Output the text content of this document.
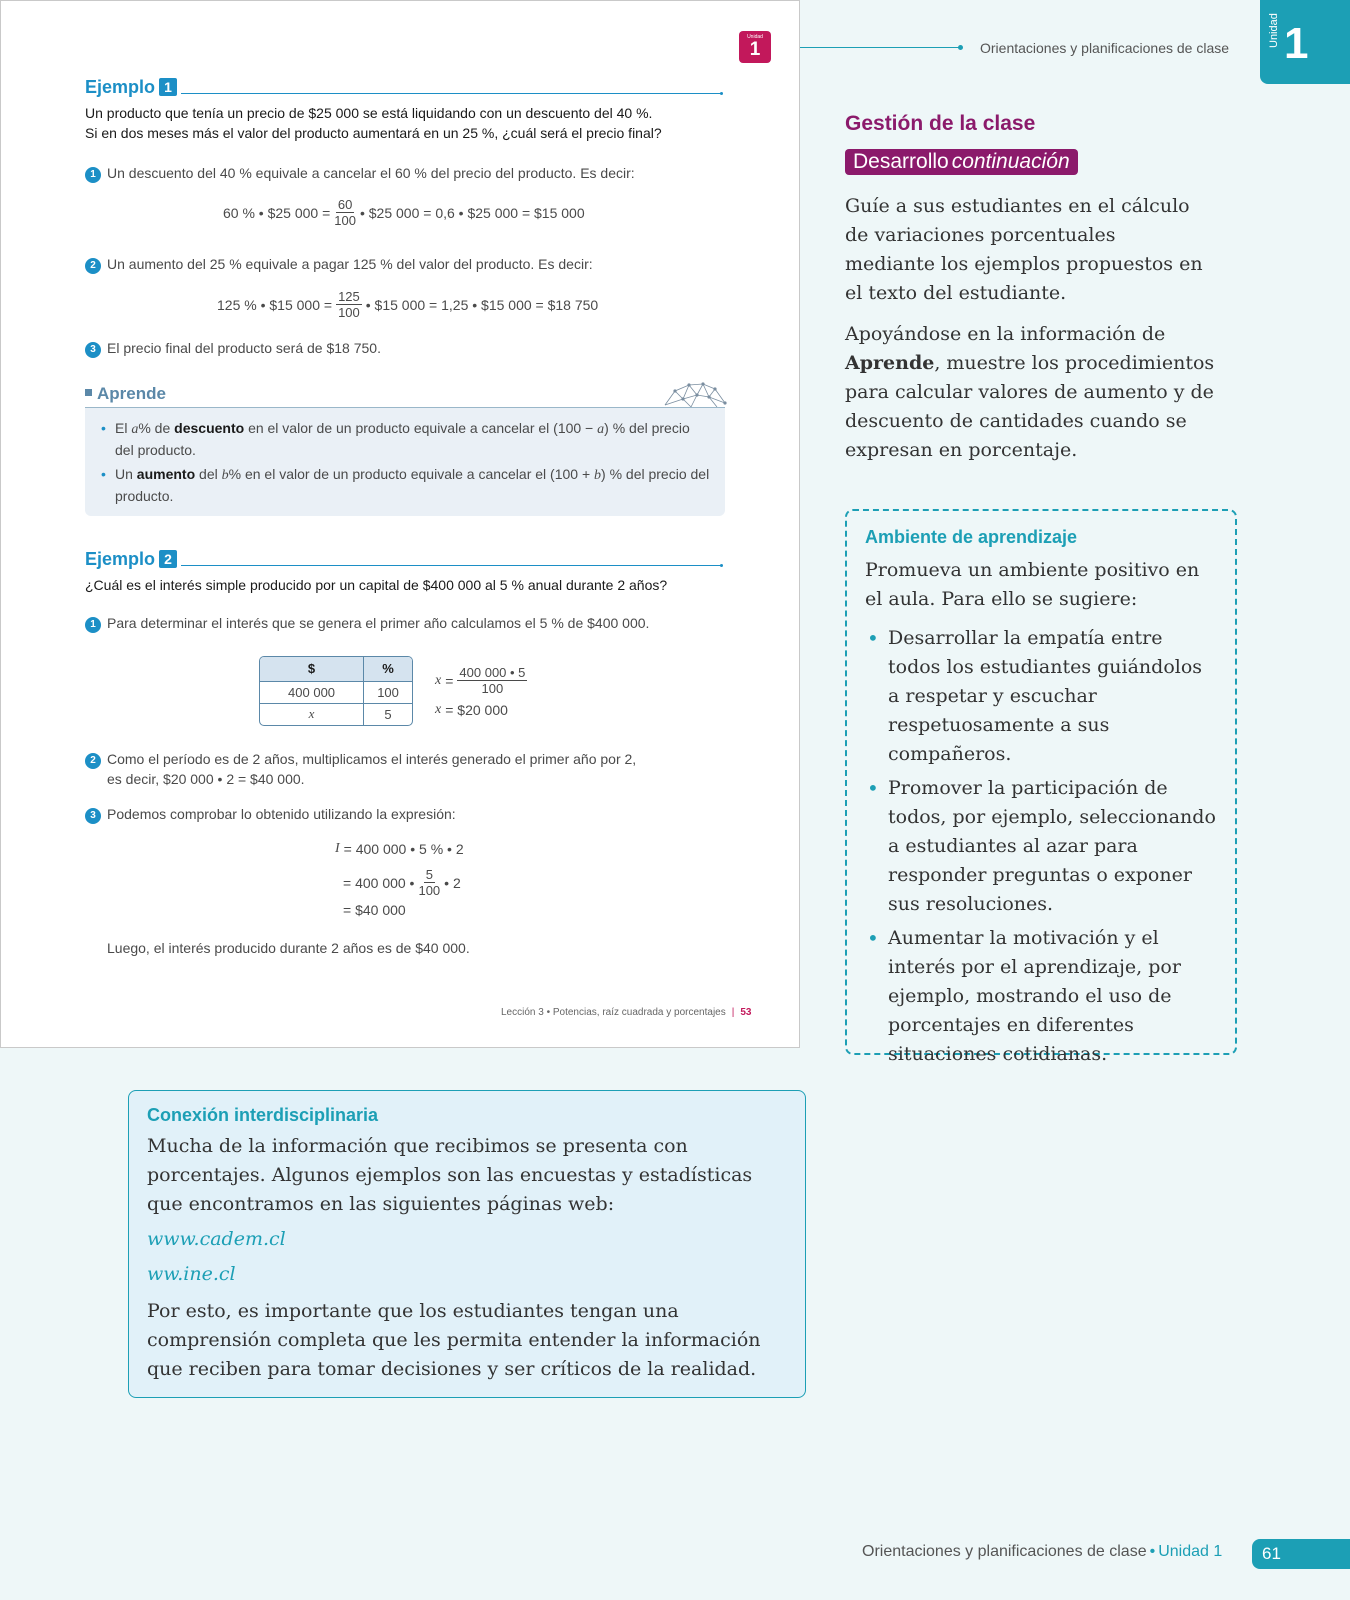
Unidad
1
Ejemplo 1
Un producto que tenía un precio de $25 000 se está liquidando con un descuento del 40 %.
Si en dos meses más el valor del producto aumentará en un 25 %, ¿cuál será el precio final?
1 Un descuento del 40 % equivale a cancelar el 60 % del precio del producto. Es decir:
60 % • $25 $000 = \frac{60}{100}$ • $25 000 = 0,6 • $25 000 = $15 000
2 Un aumento del 25 % equivale a pagar 125 % del valor del producto. Es decir:
125 % • $15 $000 = \frac{125}{100}$ • $15 000 = 1,25 • $15 000 = $18 750
3 El precio final del producto será de $18 750.
Aprende
• El a% de descuento en el valor de un producto equivale a cancelar el (100 − a) % del precio del producto.
• Un aumento del b% en el valor de un producto equivale a cancelar el (100 + b) % del precio del producto.
Ejemplo 2
¿Cuál es el interés simple producido por un capital de $400 000 al 5 % anual durante 2 años?
1 Para determinar el interés que se genera el primer año calculamos el 5 % de $400 000.
$	%
400 000	100
x	5
$x = \frac{400 000 • 5}{100}$
x = $20 000
2 Como el período es de 2 años, multiplicamos el interés generado el primer año por 2,
es decir, $20 000 • 2 = $40 000.
3 Podemos comprobar lo obtenido utilizando la expresión:
I = 400 000 • 5 % • 2
= 400 000 • $\frac{5}{100}$ • 2
= $40 000
Luego, el interés producido durante 2 años es de $40 000.
Lección 3 • Potencias, raíz cuadrada y porcentajes | 53
Orientaciones y planificaciones de clase	Unidad 1
Gestión de la clase
Desarrollo continuación
Guíe a sus estudiantes en el cálculo de variaciones porcentuales mediante los ejemplos propuestos en el texto del estudiante.
Apoyándose en la información de Aprende, muestre los procedimientos para calcular valores de aumento y de descuento de cantidades cuando se expresan en porcentaje.
Ambiente de aprendizaje
Promueva un ambiente positivo en el aula. Para ello se sugiere:
• Desarrollar la empatía entre todos los estudiantes guiándolos a respetar y escuchar respetuosamente a sus compañeros.
• Promover la participación de todos, por ejemplo, seleccionando a estudiantes al azar para responder preguntas o exponer sus resoluciones.
• Aumentar la motivación y el interés por el aprendizaje, por ejemplo, mostrando el uso de porcentajes en diferentes situaciones cotidianas.
Conexión interdisciplinaria

Mucha de la información que recibimos se presenta con porcentajes. Algunos ejemplos son las encuestas y estadísticas que encontramos en las siguientes páginas web:

www.cadem.cl

ww.ine.cl

Por esto, es importante que los estudiantes tengan una comprensión completa que les permita entender la información que reciben para tomar decisiones y ser críticos de la realidad.

Orientaciones y planificaciones de clase • Unidad 1	61
